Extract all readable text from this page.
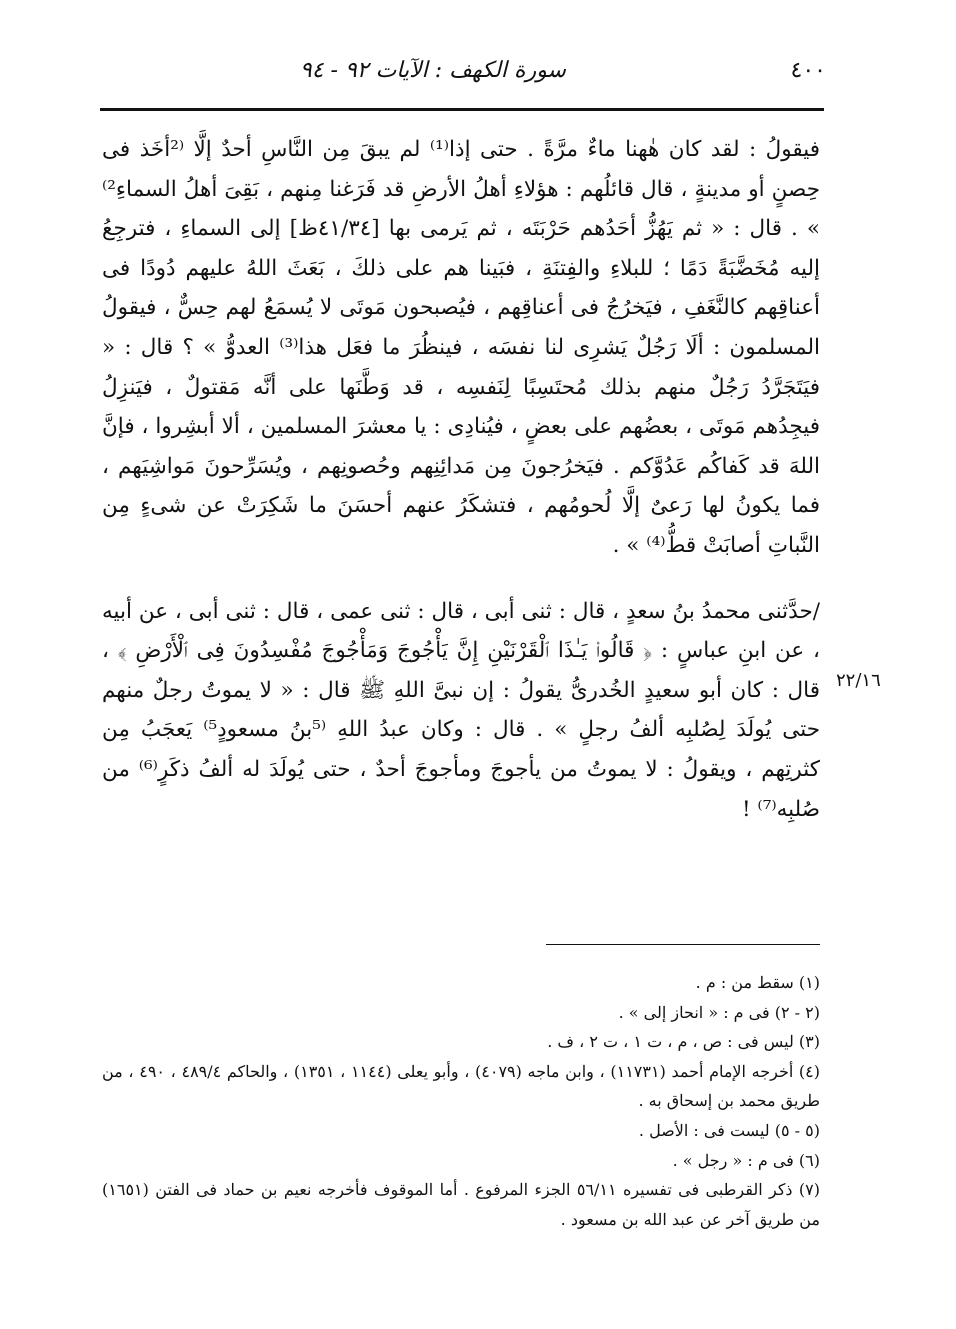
٤٠٠
سورة الكهف : الآيات ٩٢ - ٩٤

فيقولُ : لقد كان هٰهنا ماءٌ مرَّةً . حتى إذا⁽¹⁾ لم يبقَ مِن النَّاسِ أحدٌ إلَّا ⁽²أخَذ فى حِصنٍ أو مدينةٍ ، قال قائلُهم : هؤلاءِ أهلُ الأرضِ قد فَرَغنا مِنهم ، بَقِىَ أهلُ السماءِ²⁾ » . قال : « ثم يَهُزُّ أحَدُهم حَرْبَتَه ، ثم يَرمى بها [٤١/٣٤ظ] إلى السماءِ ، فترجِعُ إليه مُخَضَّبَةً دَمًا ؛ للبلاءِ والفِتنَةِ ، فبَينا هم على ذلكَ ، بَعَثَ اللهُ عليهم دُودًا فى أعناقِهم كالنَّغَفِ ، فيَخرُجُ فى أعناقِهم ، فيُصبحون مَوتَى لا يُسمَعُ لهم حِسٌّ ، فيقولُ المسلمون : ألَا رَجُلٌ يَشرِى لنا نفسَه ، فينظُرَ ما فعَل هذا⁽³⁾ العدوُّ » ؟ قال : « فيَتَجَرَّدُ رَجُلٌ منهم بذلك مُحتَسِبًا لِنَفسِه ، قد وَطَّنَها على أنَّه مَقتولٌ ، فيَنزِلُ فيجِدُهم مَوتَى ، بعضُهم على بعضٍ ، فيُنادِى : يا معشرَ المسلمين ، ألا أبشِروا ، فإنَّ اللهَ قد كَفاكُم عَدُوَّكم . فيَخرُجونَ مِن مَدائِنِهم وحُصونِهم ، ويُسَرِّحونَ مَواشِيَهم ، فما يكونُ لها رَعىٌ إلَّا لُحومُهم ، فتشكَرُ عنهم أحسَنَ ما شَكِرَتْ عن شىءٍ مِن النَّباتِ أصابَتْ قطُّ⁽⁴⁾ » .

/حدَّثنى محمدُ بنُ سعدٍ ، قال : ثنى أبى ، قال : ثنى عمى ، قال : ثنى أبى ، عن أبيه ، عن ابنِ عباسٍ : ﴿ قَالُوا۟ يَـٰذَا ٱلْقَرْنَيْنِ إِنَّ يَأْجُوجَ وَمَأْجُوجَ مُفْسِدُونَ فِى ٱلْأَرْضِ ﴾ ، قال : كان أبو سعيدٍ الخُدرىُّ يقولُ : إن نبىَّ اللهِ ﷺ قال : « لا يموتُ رجلٌ منهم حتى يُولَدَ لِصُلبِه ألفُ رجلٍ » . قال : وكان عبدُ اللهِ ⁽⁵بنُ مسعودٍ⁵⁾ يَعجَبُ مِن كثرتِهم ، ويقولُ : لا يموتُ من يأجوجَ ومأجوجَ أحدٌ ، حتى يُولَدَ له ألفُ ذكَرٍ⁽⁶⁾ من صُلبِه⁽⁷⁾ !

٢٢/١٦

(١) سقط من : م .

(٢ - ٢) فى م : « انحاز إلى » .

(٣) ليس فى : ص ، م ، ت ١ ، ت ٢ ، ف .

(٤) أخرجه الإمام أحمد (١١٧٣١) ، وابن ماجه (٤٠٧٩) ، وأبو يعلى (١١٤٤ ، ١٣٥١) ، والحاكم ٤٨٩/٤ ، ٤٩٠ ، من طريق محمد بن إسحاق به .

(٥ - ٥) ليست فى : الأصل .

(٦) فى م : « رجل » .

(٧) ذكر القرطبى فى تفسيره ٥٦/١١ الجزء المرفوع . أما الموقوف فأخرجه نعيم بن حماد فى الفتن (١٦٥١) من طريق آخر عن عبد الله بن مسعود .
